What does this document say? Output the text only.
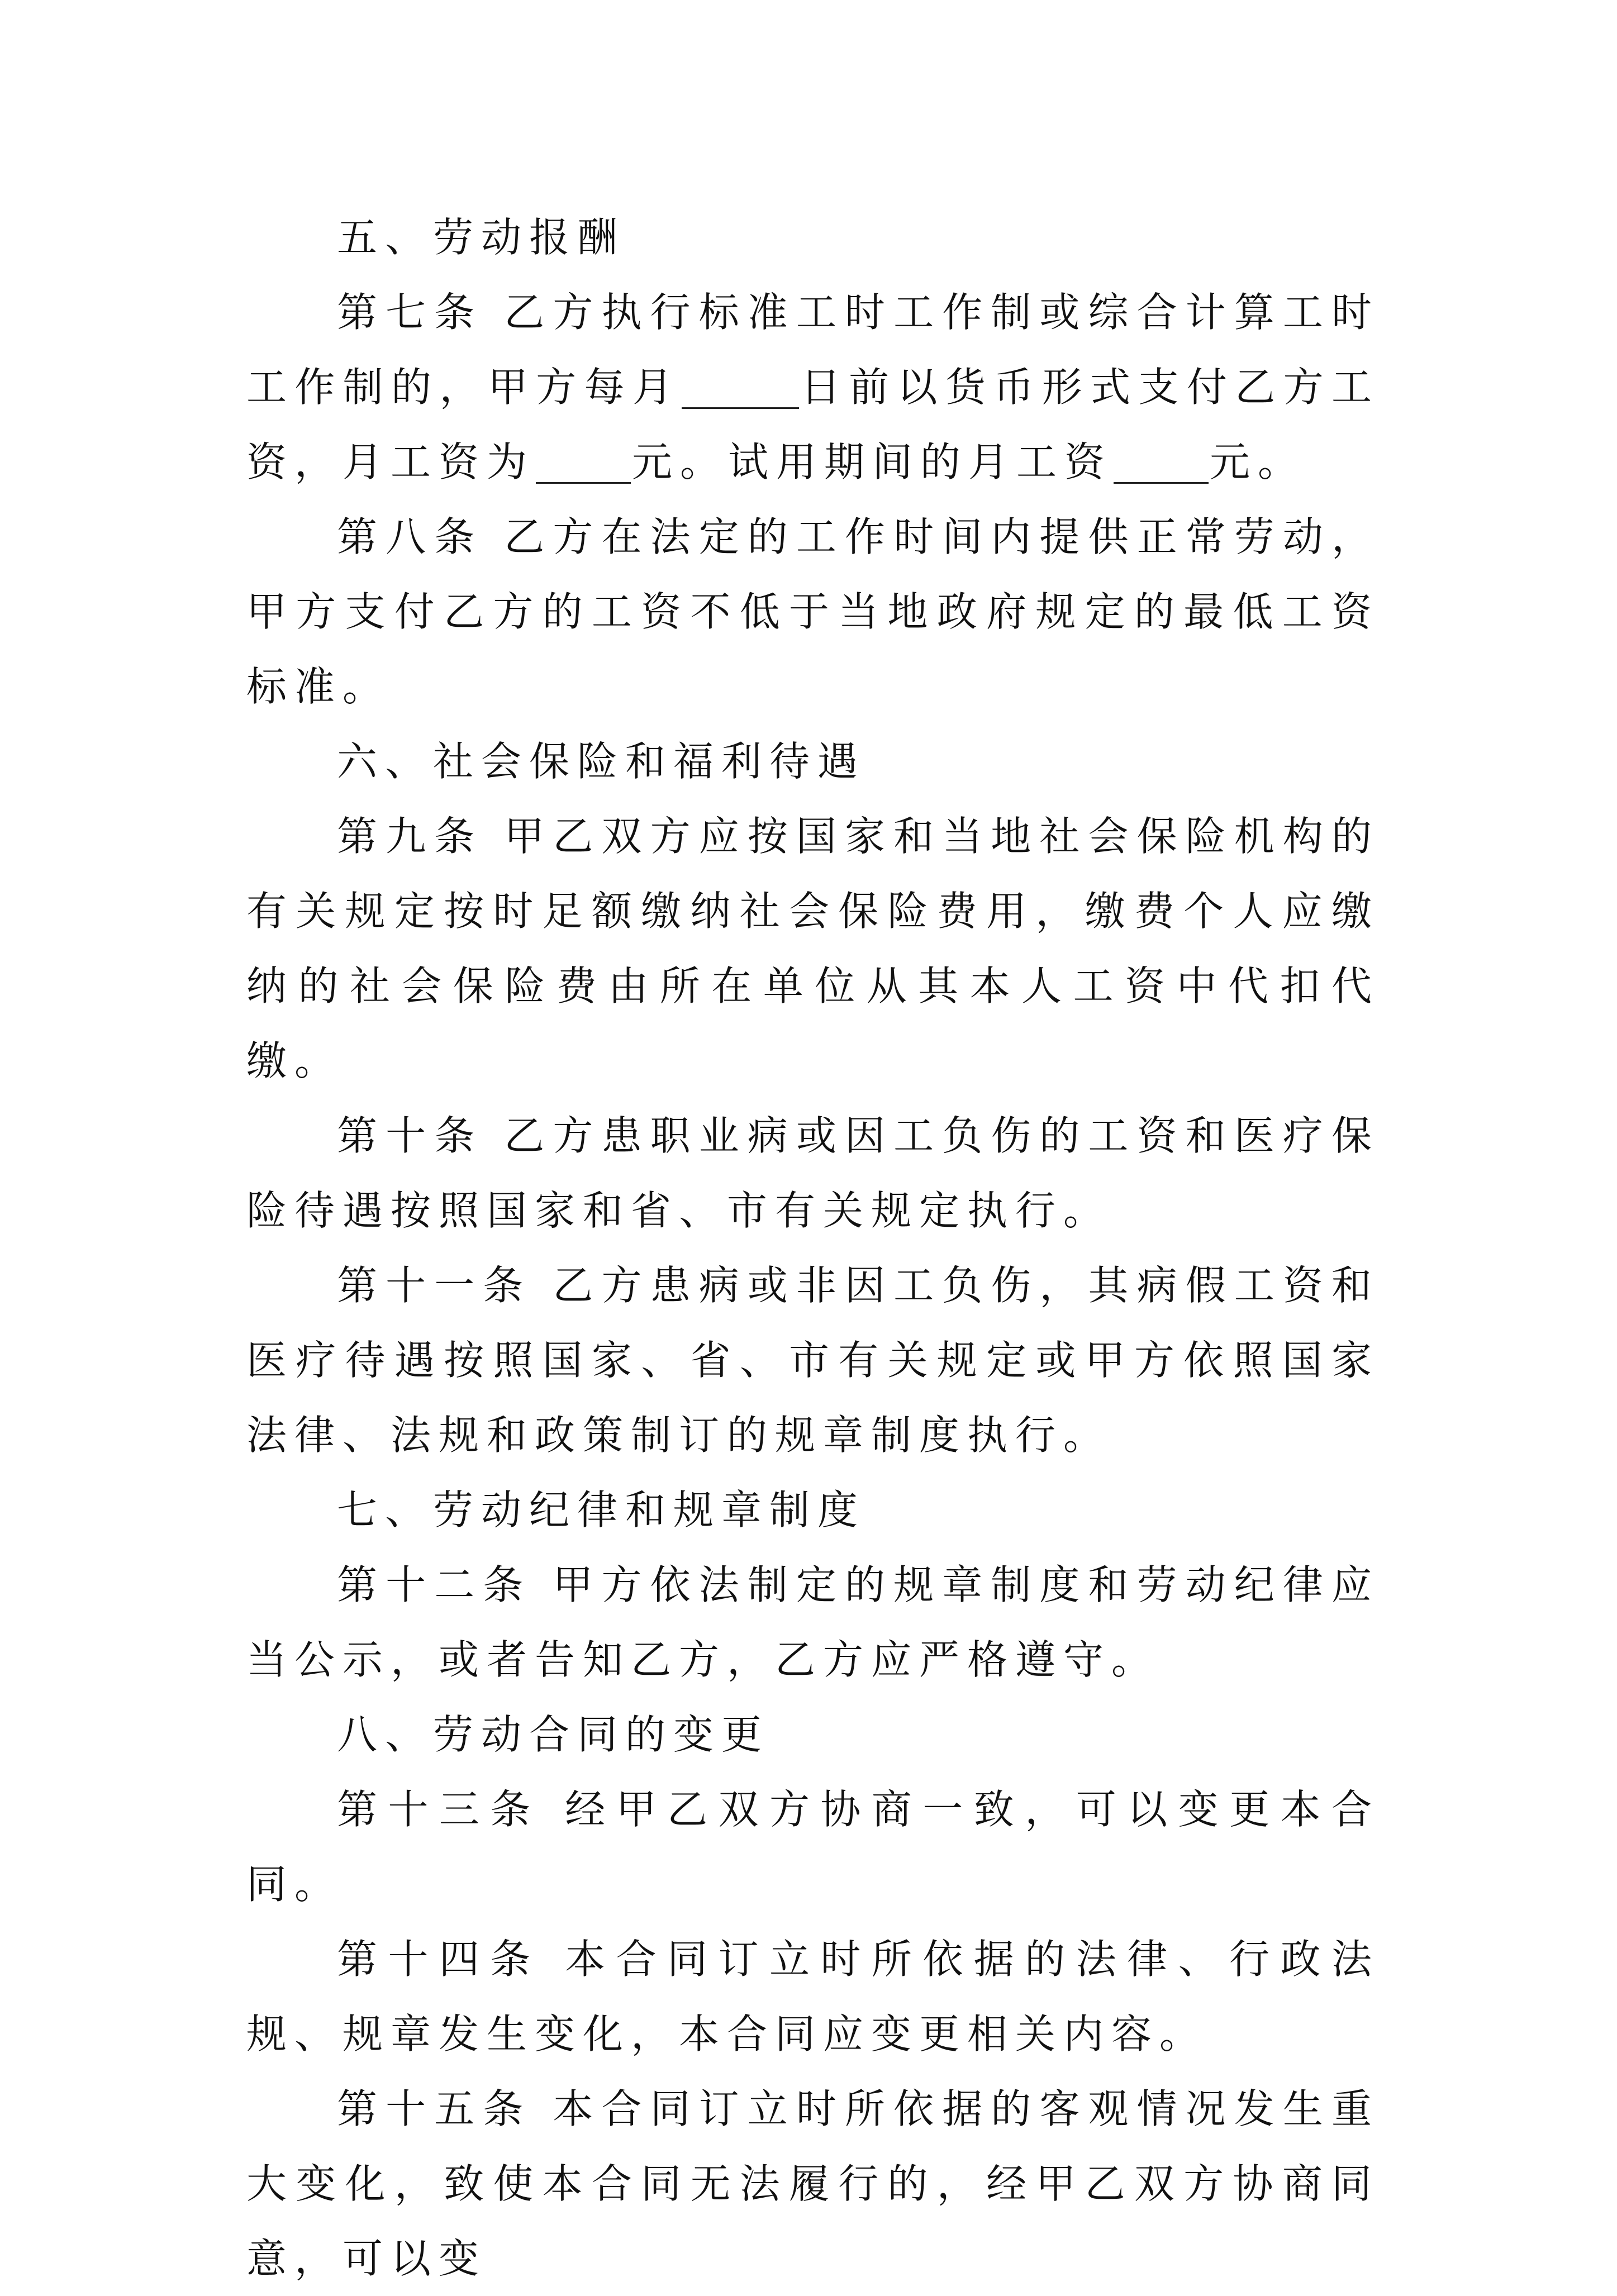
五、劳动报酬

第七条 乙方执行标准工时工作制或综合计算工时工作制的，甲方每月	日前以货币形式支付乙方工资，月工资为 元。试用期间的月工资 元。

第八条 乙方在法定的工作时间内提供正常劳动，甲方支付乙方的工资不低于当地政府规定的最低工资标准。

六、社会保险和福利待遇

第九条 甲乙双方应按国家和当地社会保险机构的有关规定按时足额缴纳社会保险费用，缴费个人应缴纳的社会保险费由所在单位从其本人工资中代扣代缴。

第十条 乙方患职业病或因工负伤的工资和医疗保险待遇按照国家和省、市有关规定执行。

第十一条 乙方患病或非因工负伤，其病假工资和医疗待遇按照国家、省、市有关规定或甲方依照国家法律、法规和政策制订的规章制度执行。

七、劳动纪律和规章制度

第十二条 甲方依法制定的规章制度和劳动纪律应当公示，或者告知乙方，乙方应严格遵守。

八、劳动合同的变更

第十三条 经甲乙双方协商一致，可以变更本合同。

第十四条 本合同订立时所依据的法律、行政法规、规章发生变化，本合同应变更相关内容。

第十五条 本合同订立时所依据的客观情况发生重大变化，致使本合同无法履行的，经甲乙双方协商同意，可以变
